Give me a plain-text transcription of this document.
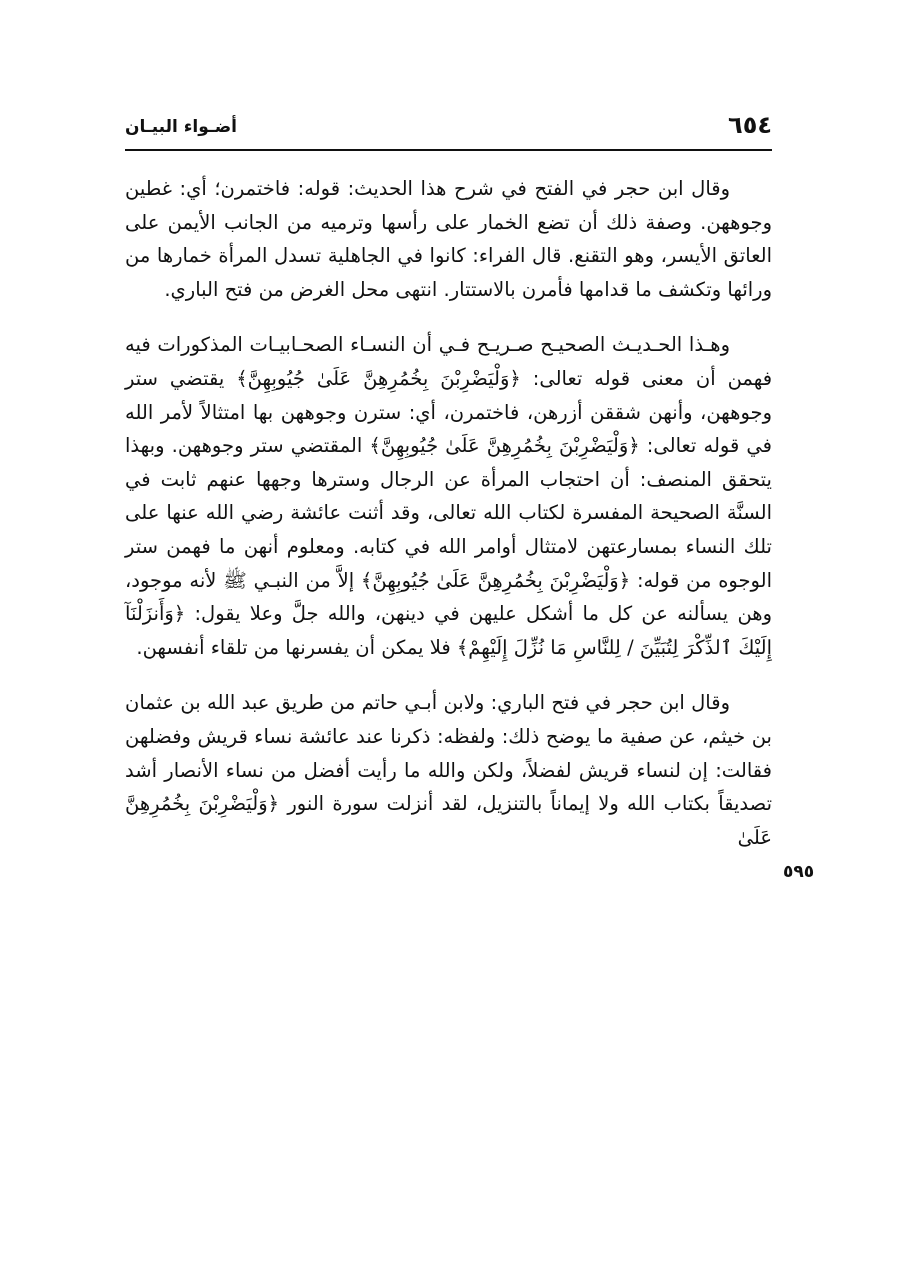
٦٥٤
أضـواء البيـان
٥٩٥

وقال ابن حجر في الفتح في شرح هذا الحديث: قوله: فاختمرن؛ أي: غطين وجوههن. وصفة ذلك أن تضع الخمار على رأسها وترميه من الجانب الأيمن على العاتق الأيسر، وهو التقنع. قال الفراء: كانوا في الجاهلية تسدل المرأة خمارها من ورائها وتكشف ما قدامها فأمرن بالاستتار. انتهى محل الغرض من فتح الباري.

وهـذا الحـديـث الصحيـح صـريـح فـي أن النسـاء الصحـابيـات المذكورات فيه فهمن أن معنى قوله تعالى: ﴿وَلْيَضْرِبْنَ بِخُمُرِهِنَّ عَلَىٰ جُيُوبِهِنَّ﴾ يقتضي ستر وجوههن، وأنهن شققن أزرهن، فاختمرن، أي: سترن وجوههن بها امتثالاً لأمر الله في قوله تعالى: ﴿وَلْيَضْرِبْنَ بِخُمُرِهِنَّ عَلَىٰ جُيُوبِهِنَّ﴾ المقتضي ستر وجوههن. وبهذا يتحقق المنصف: أن احتجاب المرأة عن الرجال وسترها وجهها عنهم ثابت في السنَّة الصحيحة المفسرة لكتاب الله تعالى، وقد أثنت عائشة رضي الله عنها على تلك النساء بمسارعتهن لامتثال أوامر الله في كتابه. ومعلوم أنهن ما فهمن ستر الوجوه من قوله: ﴿وَلْيَضْرِبْنَ بِخُمُرِهِنَّ عَلَىٰ جُيُوبِهِنَّ﴾ إلاَّ من النبـي ﷺ لأنه موجود، وهن يسألنه عن كل ما أشكل عليهن في دينهن، والله جلَّ وعلا يقول: ﴿وَأَنزَلْنَآ إِلَيْكَ ٱلذِّكْرَ لِتُبَيِّنَ / لِلنَّاسِ مَا نُزِّلَ إِلَيْهِمْ﴾ فلا يمكن أن يفسرنها من تلقاء أنفسهن.

وقال ابن حجر في فتح الباري: ولابن أبـي حاتم من طريق عبد الله بن عثمان بن خيثم، عن صفية ما يوضح ذلك: ولفظه: ذكرنا عند عائشة نساء قريش وفضلهن فقالت: إن لنساء قريش لفضلاً، ولكن والله ما رأيت أفضل من نساء الأنصار أشد تصديقاً بكتاب الله ولا إيماناً بالتنزيل، لقد أنزلت سورة النور ﴿وَلْيَضْرِبْنَ بِخُمُرِهِنَّ عَلَىٰ
